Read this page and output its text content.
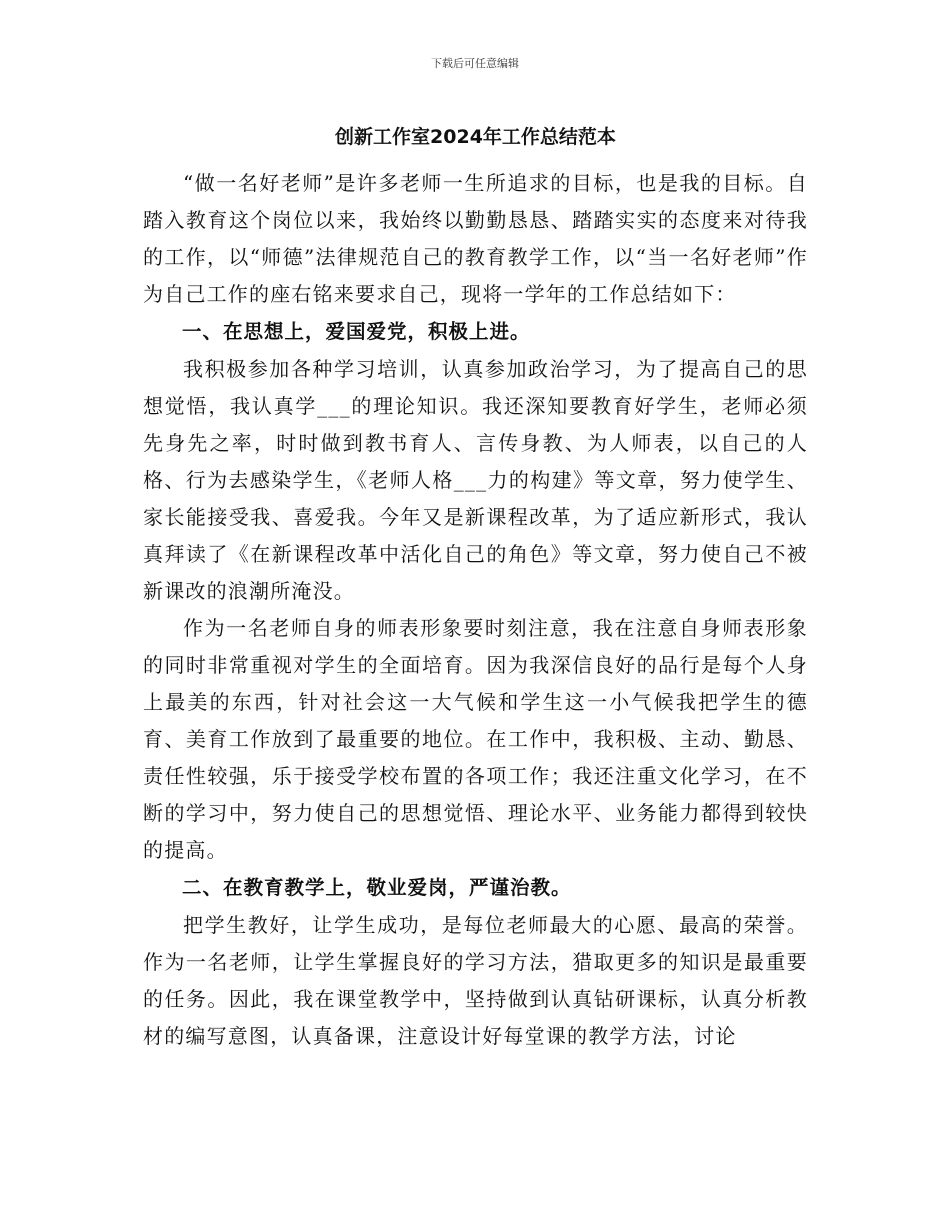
下载后可任意编辑
创新工作室2024年工作总结范本

“做一名好老师”是许多老师一生所追求的目标，也是我的目标。自踏入教育这个岗位以来，我始终以勤勤恳恳、踏踏实实的态度来对待我的工作，以“师德”法律规范自己的教育教学工作，以“当一名好老师”作为自己工作的座右铭来要求自己，现将一学年的工作总结如下：

一、在思想上，爱国爱党，积极上进。

我积极参加各种学习培训，认真参加政治学习，为了提高自己的思想觉悟，我认真学___的理论知识。我还深知要教育好学生，老师必须先身先之率，时时做到教书育人、言传身教、为人师表，以自己的人格、行为去感染学生，《老师人格___力的构建》等文章，努力使学生、家长能接受我、喜爱我。今年又是新课程改革，为了适应新形式，我认真拜读了《在新课程改革中活化自己的角色》等文章，努力使自己不被新课改的浪潮所淹没。

作为一名老师自身的师表形象要时刻注意，我在注意自身师表形象的同时非常重视对学生的全面培育。因为我深信良好的品行是每个人身上最美的东西，针对社会这一大气候和学生这一小气候我把学生的德育、美育工作放到了最重要的地位。在工作中，我积极、主动、勤恳、责任性较强，乐于接受学校布置的各项工作；我还注重文化学习，在不断的学习中，努力使自己的思想觉悟、理论水平、业务能力都得到较快的提高。

二、在教育教学上，敬业爱岗，严谨治教。

把学生教好，让学生成功，是每位老师最大的心愿、最高的荣誉。作为一名老师，让学生掌握良好的学习方法，猎取更多的知识是最重要的任务。因此，我在课堂教学中，坚持做到认真钻研课标，认真分析教材的编写意图，认真备课，注意设计好每堂课的教学方法，讨论
